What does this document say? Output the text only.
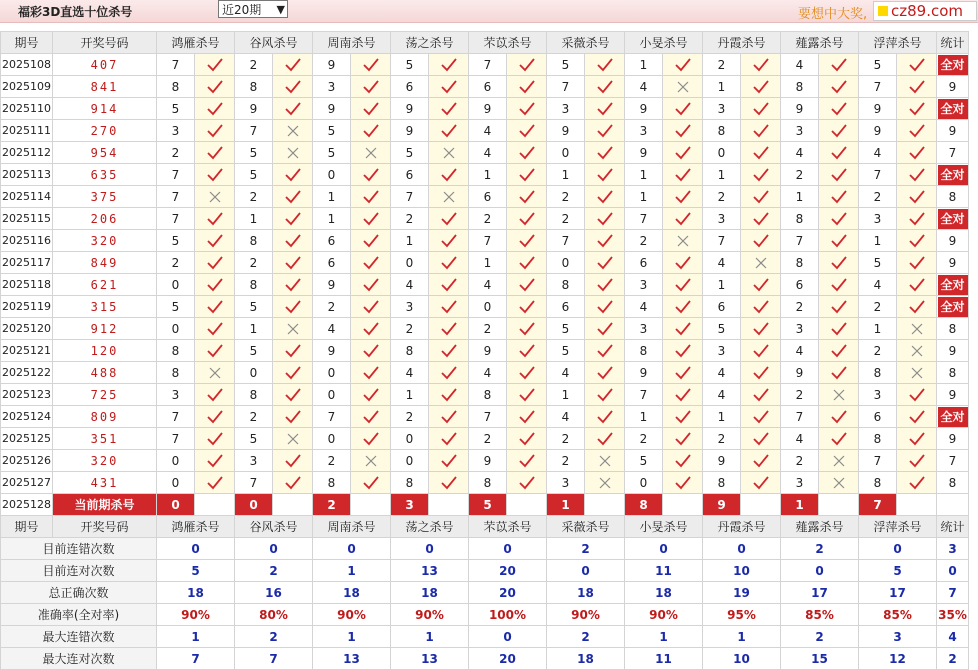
福彩3D直选十位杀号	近20期 ▼	要想中大奖, cz89.com
期号	开奖号码	鸿雁杀号		谷风杀号		周南杀号		荡之杀号		芣苡杀号		采薇杀号		小旻杀号		丹霞杀号		薤露杀号		浮萍杀号		统计
2025108	407	7		2		9		5		7		5		1		2		4		5		全对
2025109	841	8		8		3		6		6		7		4		1		8		7		9
2025110	914	5		9		9		9		9		3		9		3		9		9		全对
2025111	270	3		7		5		9		4		9		3		8		3		9		9
2025112	954	2		5		5		5		4		0		9		0		4		4		7
2025113	635	7		5		0		6		1		1		1		1		2		7		全对
2025114	375	7		2		1		7		6		2		1		2		1		2		8
2025115	206	7		1		1		2		2		2		7		3		8		3		全对
2025116	320	5		8		6		1		7		7		2		7		7		1		9
2025117	849	2		2		6		0		1		0		6		4		8		5		9
2025118	621	0		8		9		4		4		8		3		1		6		4		全对
2025119	315	5		5		2		3		0		6		4		6		2		2		全对
2025120	912	0		1		4		2		2		5		3		5		3		1		8
2025121	120	8		5		9		8		9		5		8		3		4		2		9
2025122	488	8		0		0		4		4		4		9		4		9		8		8
2025123	725	3		8		0		1		8		1		7		4		2		3		9
2025124	809	7		2		7		2		7		4		1		1		7		6		全对
2025125	351	7		5		0		0		2		2		2		2		4		8		9
2025126	320	0		3		2		0		9		2		5		9		2		7		7
2025127	431	0		7		8		8		8		3		0		8		3		8		8
2025128	当前期杀号	0		0		2		3		5		1		8		9		1		7		
期号	开奖号码	鸿雁杀号		谷风杀号		周南杀号		荡之杀号		芣苡杀号		采薇杀号		小旻杀号		丹霞杀号		薤露杀号		浮萍杀号		统计
目前连错次数		0		0		0		0		0		2		0		0		2		0		3
目前连对次数		5		2		1		13		20		0		11		10		0		5		0
总正确次数		18		16		18		18		20		18		18		19		17		17		7
准确率(全对率)		90%		80%		90%		90%		100%		90%		90%		95%		85%		85%		35%
最大连错次数		1		2		1		1		0		2		1		1		2		3		4
最大连对次数		7		7		13		13		20		18		11		10		15		12		2
